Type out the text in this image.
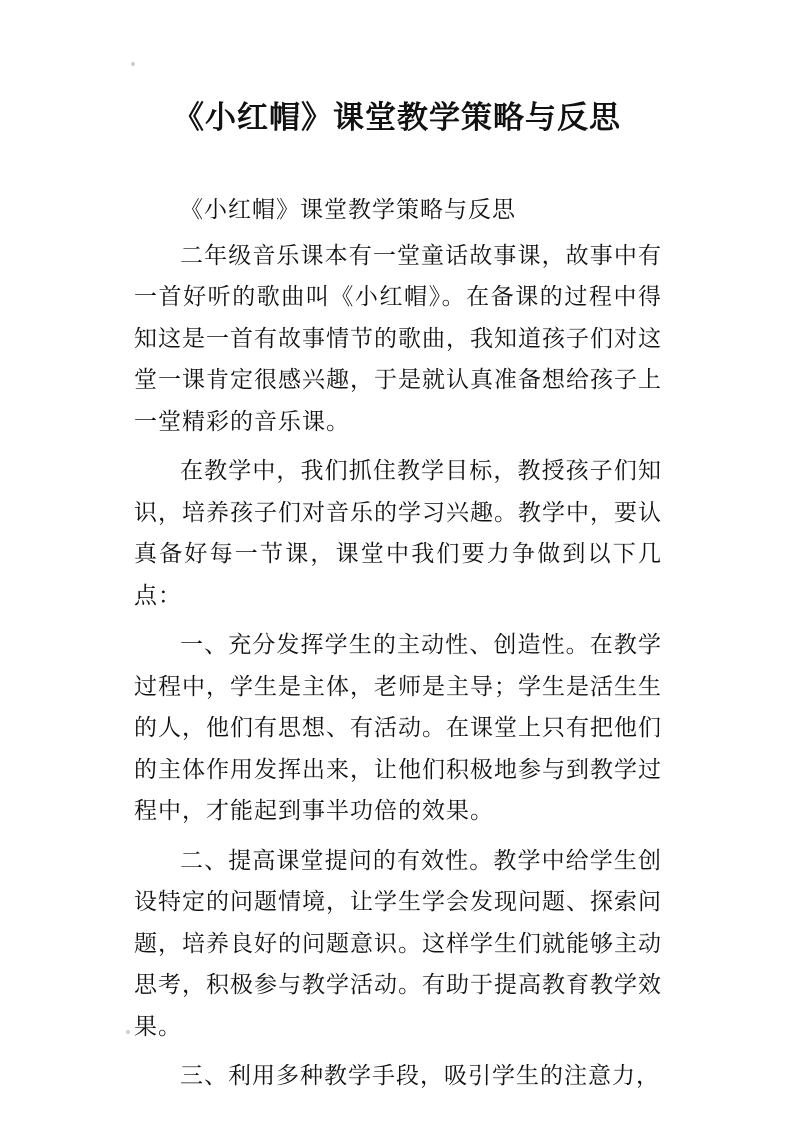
《小红帽》课堂教学策略与反思

《小红帽》课堂教学策略与反思

二年级音乐课本有一堂童话故事课，故事中有一首好听的歌曲叫《小红帽》。在备课的过程中得知这是一首有故事情节的歌曲，我知道孩子们对这堂一课肯定很感兴趣，于是就认真准备想给孩子上一堂精彩的音乐课。

在教学中，我们抓住教学目标，教授孩子们知识，培养孩子们对音乐的学习兴趣。教学中，要认真备好每一节课，课堂中我们要力争做到以下几点：

一、充分发挥学生的主动性、创造性。在教学过程中，学生是主体，老师是主导；学生是活生生的人，他们有思想、有活动。在课堂上只有把他们的主体作用发挥出来，让他们积极地参与到教学过程中，才能起到事半功倍的效果。

二、提高课堂提问的有效性。教学中给学生创设特定的问题情境，让学生学会发现问题、探索问题，培养良好的问题意识。这样学生们就能够主动思考，积极参与教学活动。有助于提高教育教学效果。

三、利用多种教学手段，吸引学生的注意力，
